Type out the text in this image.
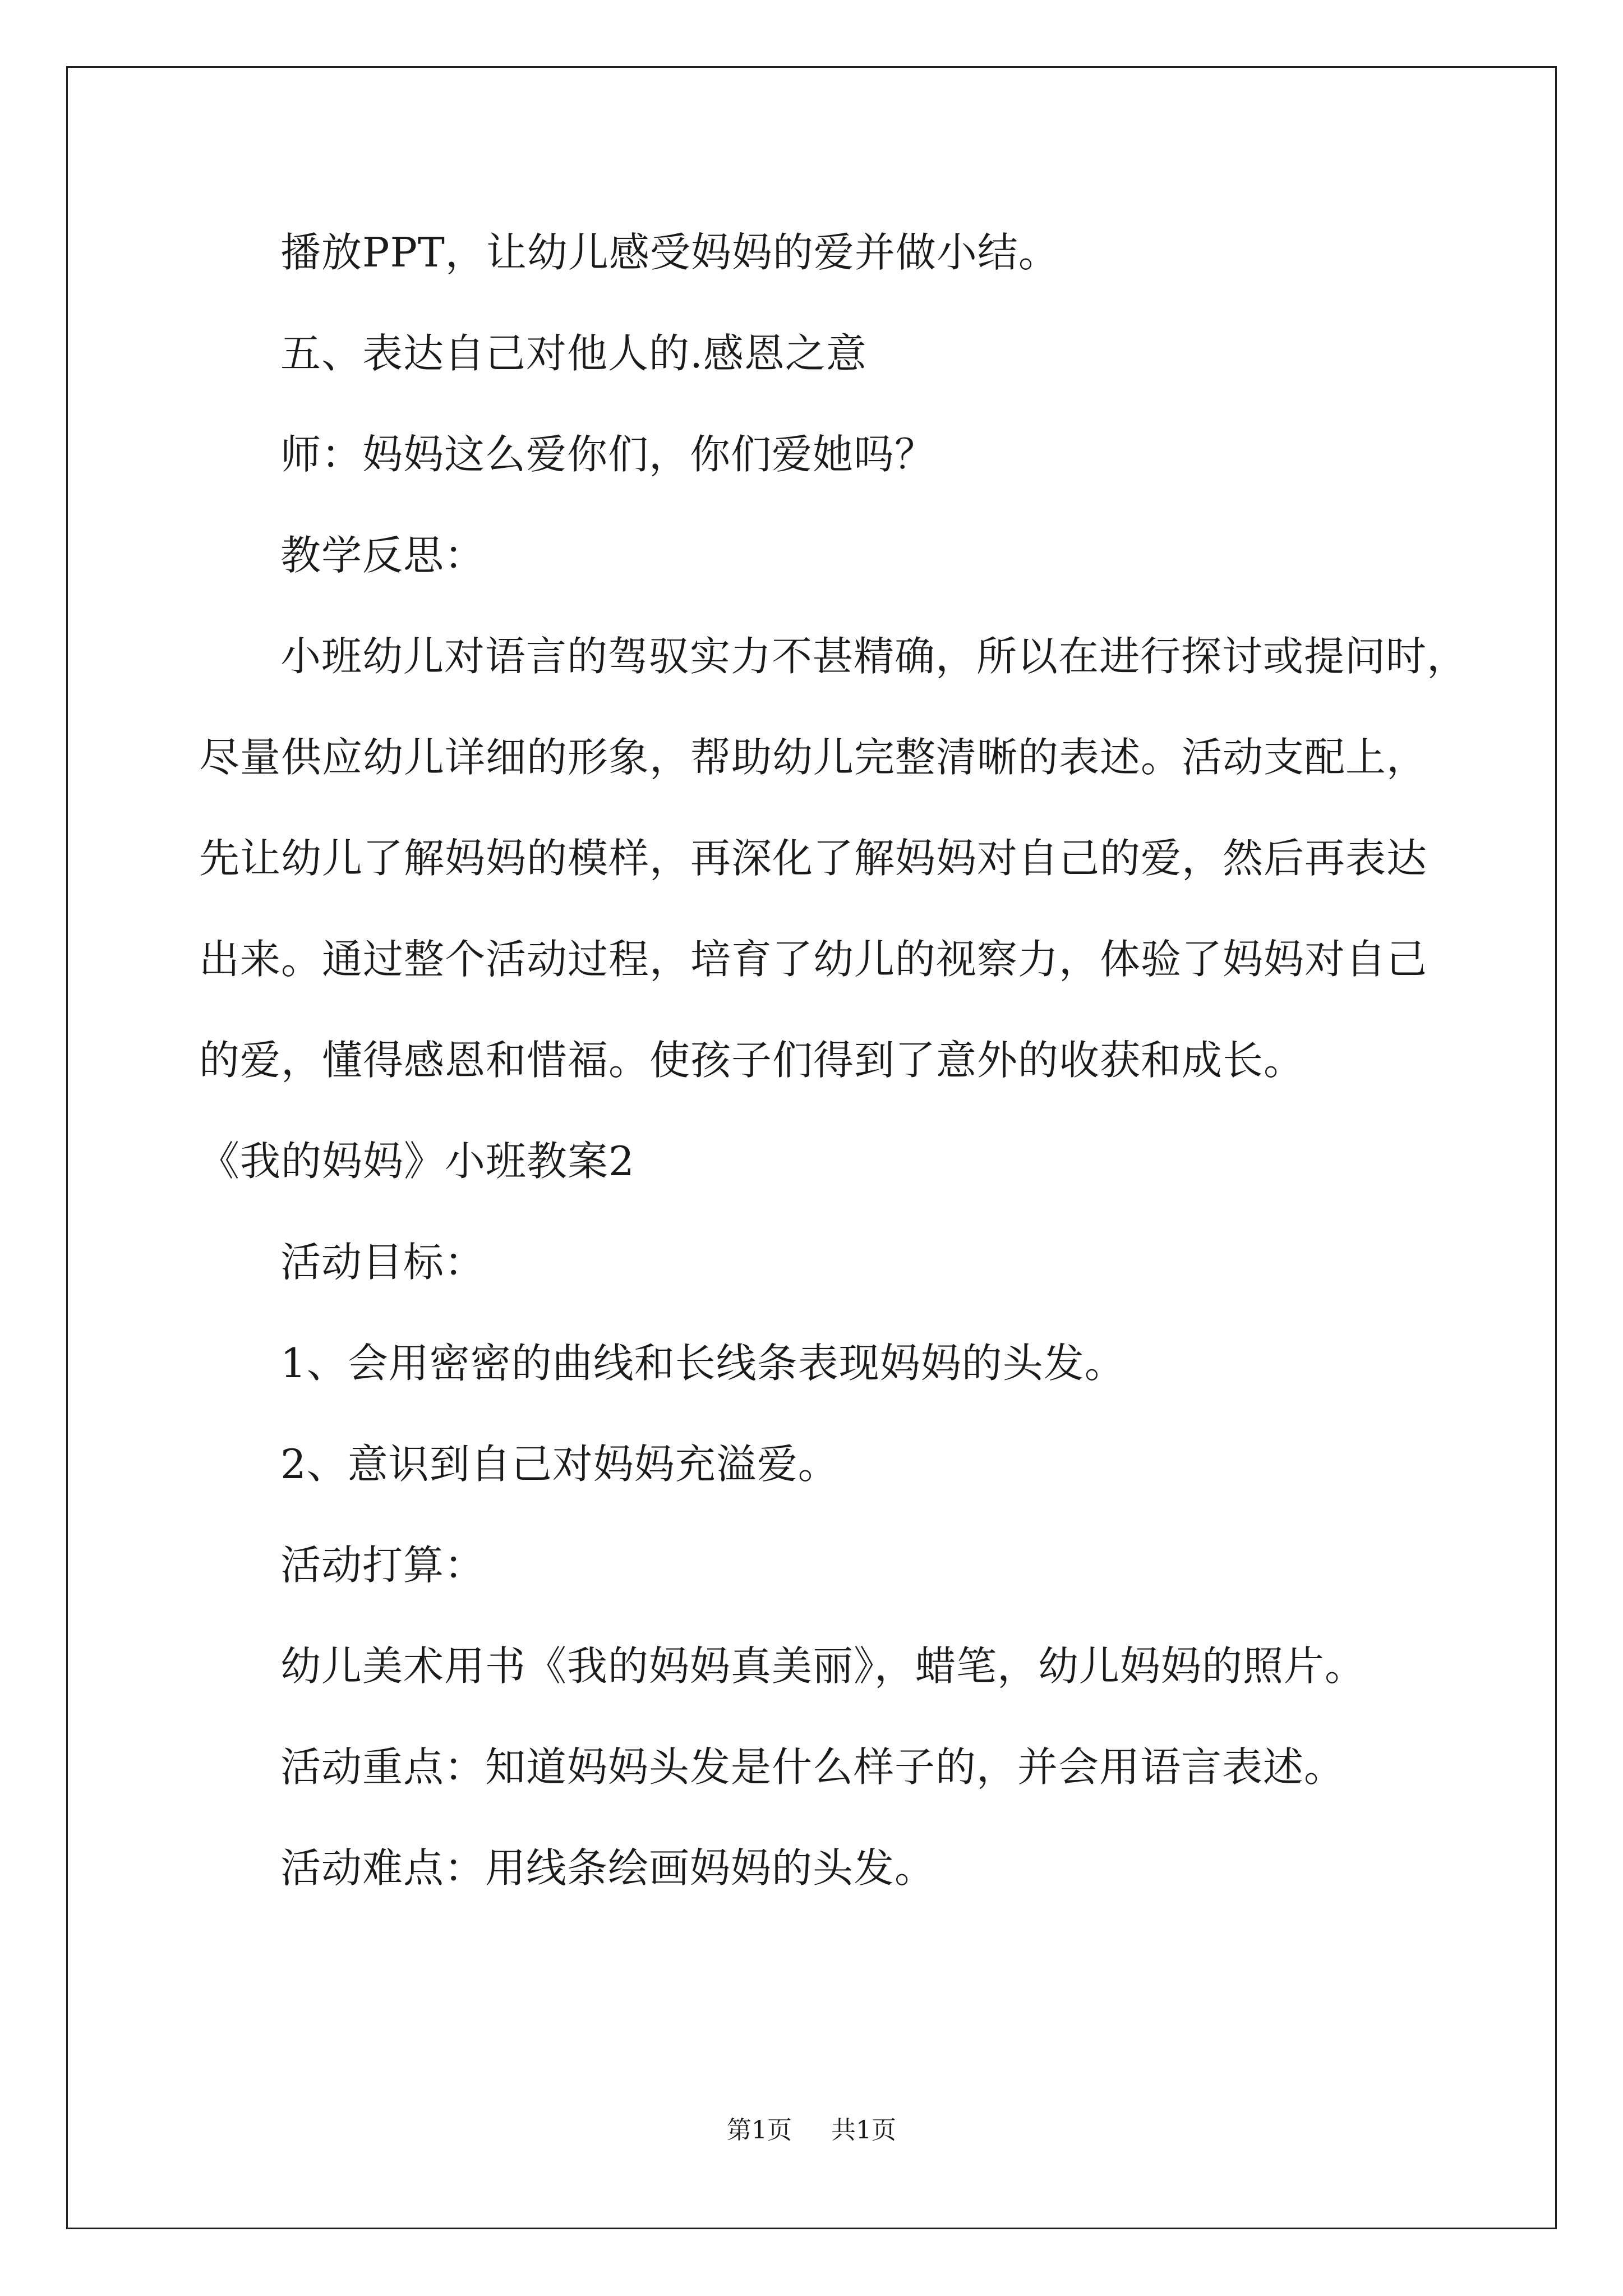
播放PPT，让幼儿感受妈妈的爱并做小结。
五、表达自己对他人的.感恩之意
师：妈妈这么爱你们，你们爱她吗？
教学反思：
小班幼儿对语言的驾驭实力不甚精确，所以在进行探讨或提问时，
尽量供应幼儿详细的形象，帮助幼儿完整清晰的表述。活动支配上，
先让幼儿了解妈妈的模样，再深化了解妈妈对自己的爱，然后再表达
出来。通过整个活动过程，培育了幼儿的视察力，体验了妈妈对自己
的爱，懂得感恩和惜福。使孩子们得到了意外的收获和成长。
《我的妈妈》小班教案2
活动目标：
1、会用密密的曲线和长线条表现妈妈的头发。
2、意识到自己对妈妈充溢爱。
活动打算：
幼儿美术用书《我的妈妈真美丽》，蜡笔，幼儿妈妈的照片。
活动重点：知道妈妈头发是什么样子的，并会用语言表述。
活动难点：用线条绘画妈妈的头发。
第1页 共1页
